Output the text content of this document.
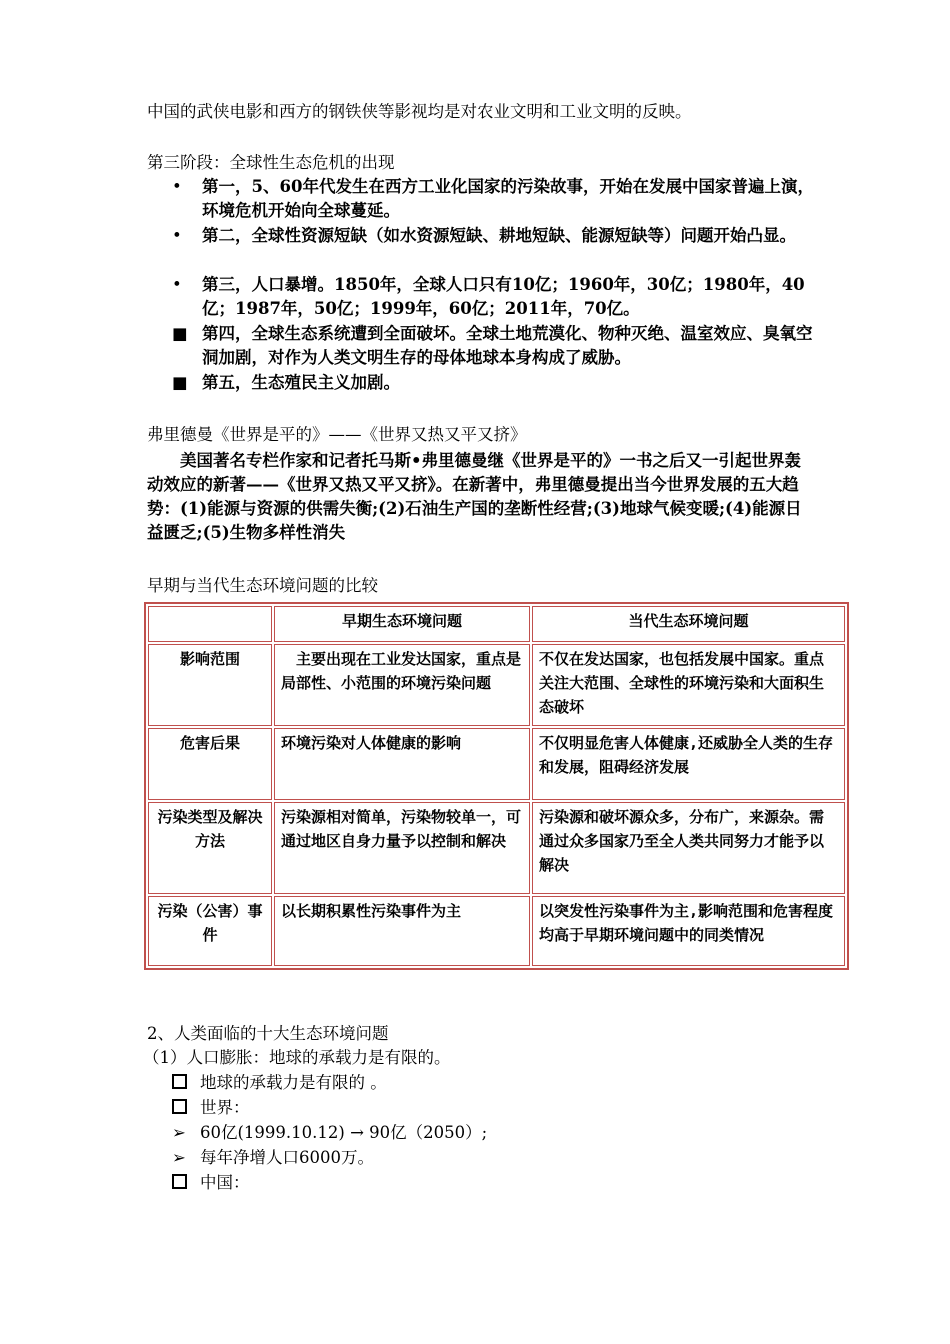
中国的武侠电影和西方的钢铁侠等影视均是对农业文明和工业文明的反映。
第三阶段：全球性生态危机的出现
•	第一，5、60年代发生在西方工业化国家的污染故事，开始在发展中国家普遍上演，环境危机开始向全球蔓延。
•	第二，全球性资源短缺（如水资源短缺、耕地短缺、能源短缺等）问题开始凸显。
•	第三，人口暴增。1850年，全球人口只有10亿；1960年，30亿；1980年，40亿；1987年，50亿；1999年，60亿；2011年，70亿。
■ 第四，全球生态系统遭到全面破坏。全球土地荒漠化、物种灭绝、温室效应、臭氧空洞加剧，对作为人类文明生存的母体地球本身构成了威胁。
■ 第五，生态殖民主义加剧。
弗里德曼《世界是平的》——《世界又热又平又挤》
美国著名专栏作家和记者托马斯•弗里德曼继《世界是平的》一书之后又一引起世界轰动效应的新著——《世界又热又平又挤》。在新著中，弗里德曼提出当今世界发展的五大趋势：(1)能源与资源的供需失衡;(2)石油生产国的垄断性经营;(3)地球气候变暖;(4)能源日益匮乏;(5)生物多样性消失
早期与当代生态环境问题的比较
	早期生态环境问题	当代生态环境问题
影响范围	主要出现在工业发达国家，重点是局部性、小范围的环境污染问题	不仅在发达国家，也包括发展中国家。重点关注大范围、全球性的环境污染和大面积生态破坏
危害后果	环境污染对人体健康的影响	不仅明显危害人体健康,还威胁全人类的生存和发展，阻碍经济发展
污染类型及解决方法	污染源相对简单，污染物较单一，可通过地区自身力量予以控制和解决	污染源和破坏源众多，分布广，来源杂。需通过众多国家乃至全人类共同努力才能予以解决
污染（公害）事件	以长期积累性污染事件为主	以突发性污染事件为主,影响范围和危害程度均高于早期环境问题中的同类情况
2、人类面临的十大生态环境问题
（1）人口膨胀：地球的承载力是有限的。
地球的承载力是有限的 。
世界：
➢ 60亿(1999.10.12) → 90亿（2050）;
➢ 每年净增人口6000万。
中国：
